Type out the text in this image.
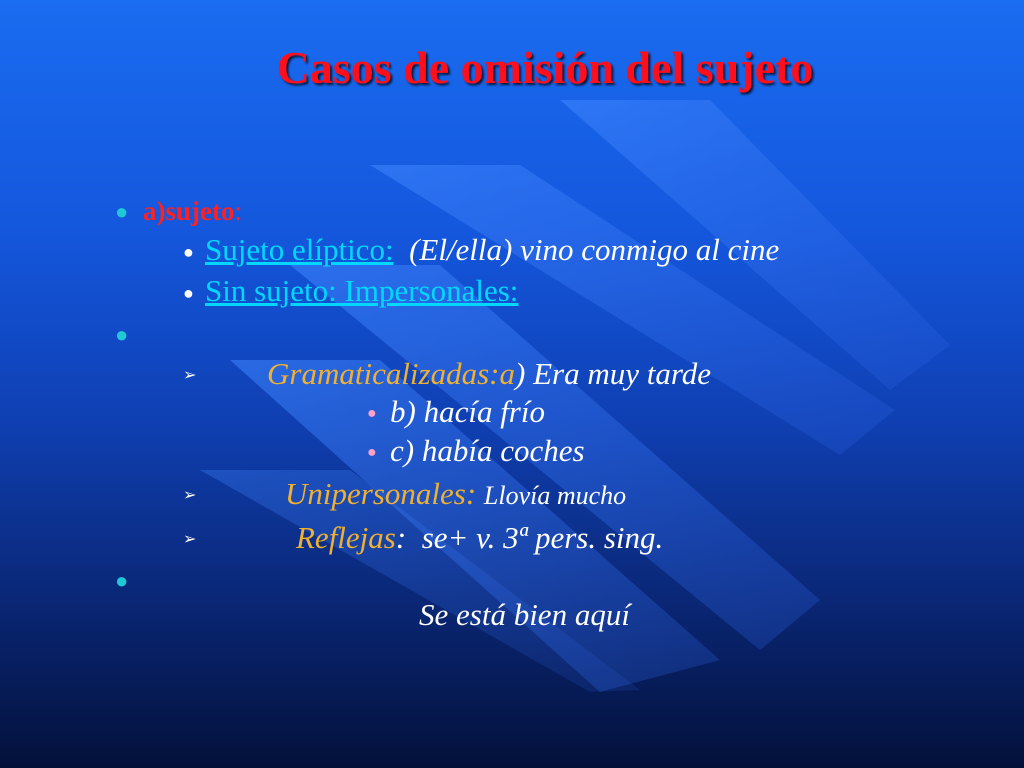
Casos de omisión del sujeto
● a)sujeto:
● Sujeto elíptico: (El/ella) vino conmigo al cine
● Sin sujeto: Impersonales:
●
➢ Gramaticalizadas:a) Era muy tarde
● b) hacía frío
● c) había coches
➢	Unipersonales: Llovía mucho
➢	Reflejas: se+ v. 3ª pers. sing.
●
Se está bien aquí
